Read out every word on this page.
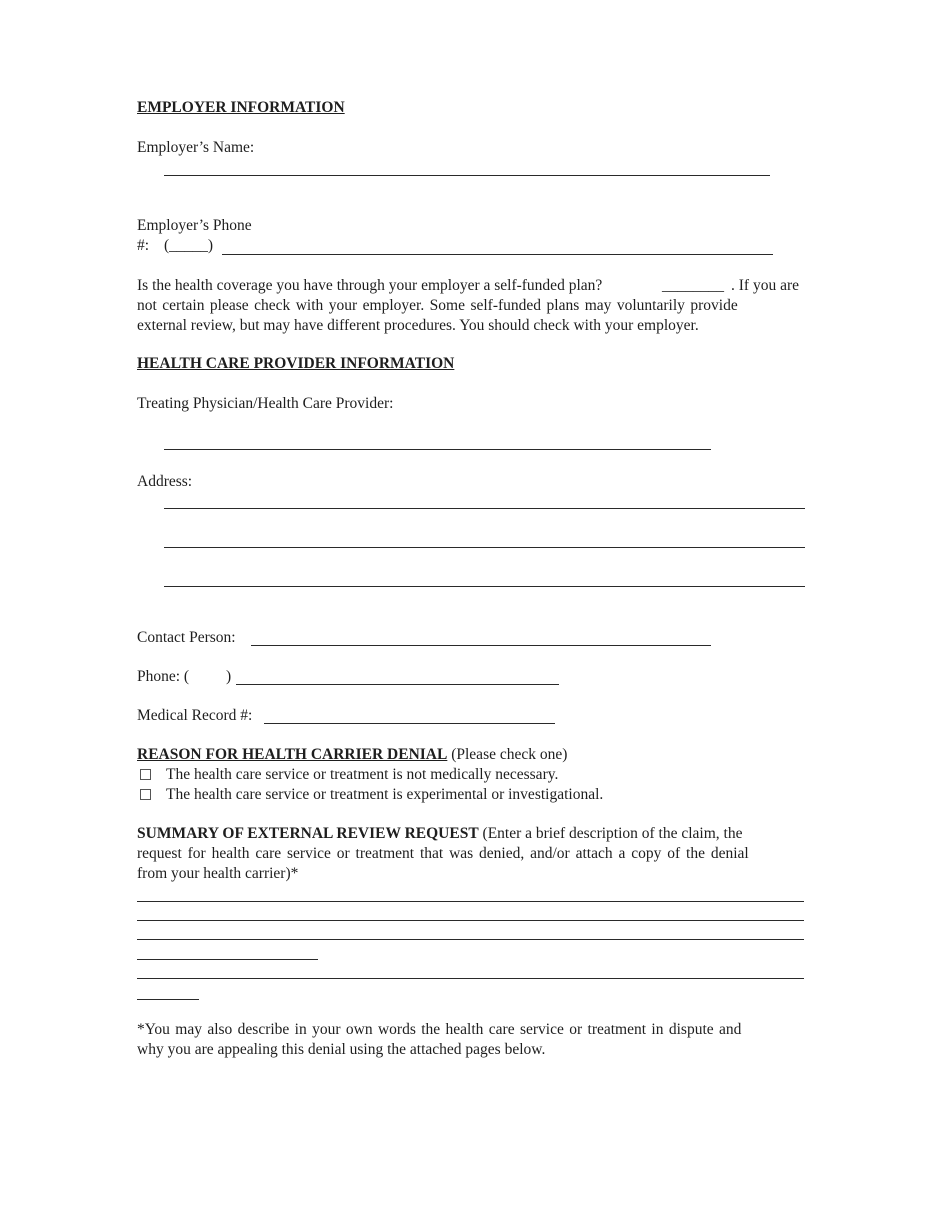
EMPLOYER INFORMATION
Employer’s Name:
Employer’s Phone
#: (_____)
Is the health coverage you have through your employer a self-funded plan?	________ . If you are
not certain please check with your employer. Some self-funded plans may voluntarily provide
external review, but may have different procedures. You should check with your employer.
HEALTH CARE PROVIDER INFORMATION
Treating Physician/Health Care Provider:
Address:
Contact Person:
Phone: ( )
Medical Record #:
REASON FOR HEALTH CARRIER DENIAL (Please check one)
The health care service or treatment is not medically necessary.
The health care service or treatment is experimental or investigational.
SUMMARY OF EXTERNAL REVIEW REQUEST (Enter a brief description of the claim, the
request for health care service or treatment that was denied, and/or attach a copy of the denial
from your health carrier)*
*You may also describe in your own words the health care service or treatment in dispute and
why you are appealing this denial using the attached pages below.
